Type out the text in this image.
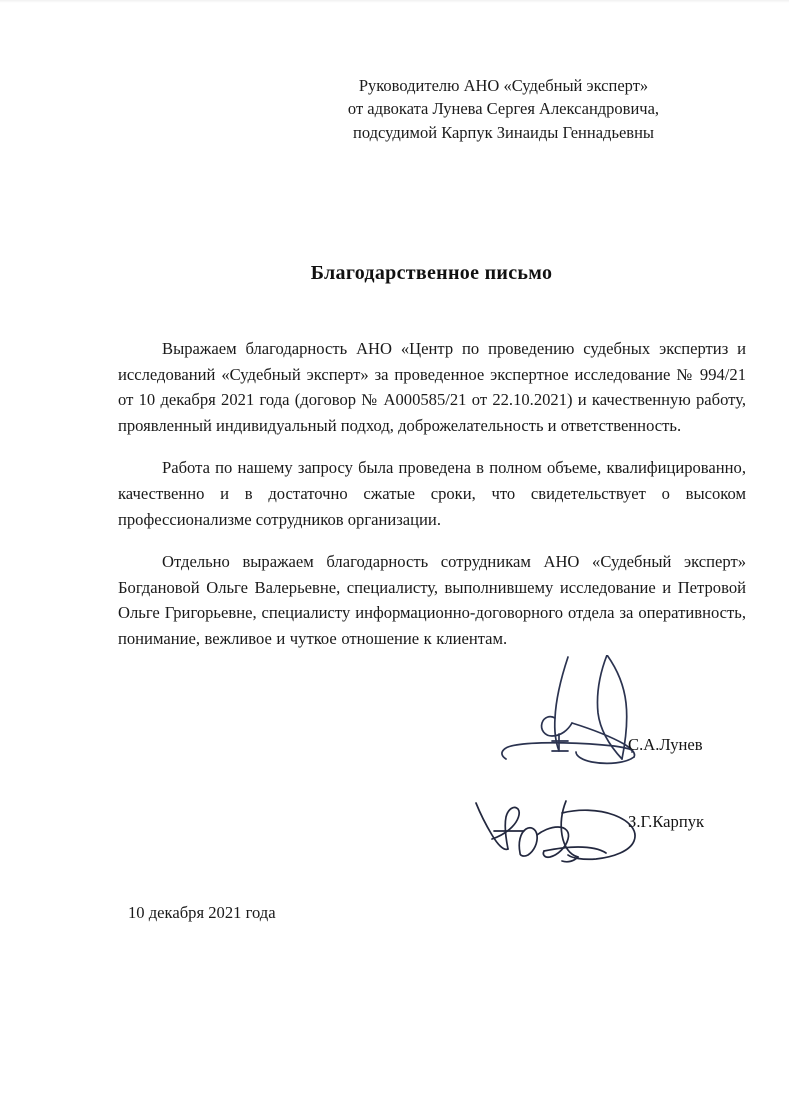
Руководителю АНО «Судебный эксперт»
от адвоката Лунева Сергея Александровича,
подсудимой Карпук Зинаиды Геннадьевны
Благодарственное письмо

Выражаем благодарность АНО «Центр по проведению судебных экспертиз и исследований «Судебный эксперт» за проведенное экспертное исследование № 994/21 от 10 декабря 2021 года (договор № А000585/21 от 22.10.2021) и качественную работу, проявленный индивидуальный подход, доброжелательность и ответственность.

Работа по нашему запросу была проведена в полном объеме, квалифицированно, качественно и в достаточно сжатые сроки, что свидетельствует о высоком профессионализме сотрудников организации.

Отдельно выражаем благодарность сотрудникам АНО «Судебный эксперт» Богдановой Ольге Валерьевне, специалисту, выполнившему исследование и Петровой Ольге Григорьевне, специалисту информационно-договорного отдела за оперативность, понимание, вежливое и чуткое отношение к клиентам.

С.А.Лунев
З.Г.Карпук
10 декабря 2021 года
